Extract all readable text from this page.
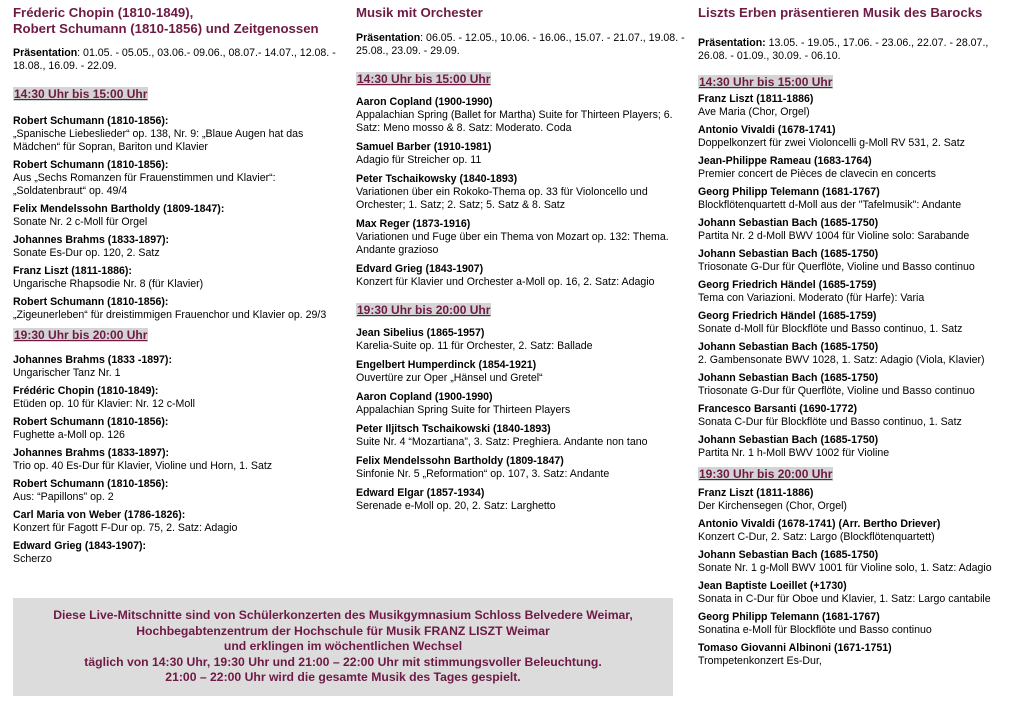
Fréderic Chopin (1810-1849),
Robert Schumann (1810-1856) und Zeitgenossen
Präsentation: 01.05. - 05.05., 03.06.- 09.06., 08.07.- 14.07., 12.08. - 18.08., 16.09. - 22.09.
14:30 Uhr bis 15:00 Uhr
Robert Schumann (1810-1856):
„Spanische Liebeslieder“ op. 138, Nr. 9: „Blaue Augen hat das Mädchen“ für Sopran, Bariton und Klavier
Robert Schumann (1810-1856):
Aus „Sechs Romanzen für Frauenstimmen und Klavier“: „Soldatenbraut“ op. 49/4
Felix Mendelssohn Bartholdy (1809-1847):
Sonate Nr. 2 c-Moll für Orgel
Johannes Brahms (1833-1897):
Sonate Es-Dur op. 120, 2. Satz
Franz Liszt (1811-1886):
Ungarische Rhapsodie Nr. 8 (für Klavier)
Robert Schumann (1810-1856):
„Zigeunerleben“ für dreistimmigen Frauenchor und Klavier op. 29/3
19:30 Uhr bis 20:00 Uhr
Johannes Brahms (1833 -1897):
Ungarischer Tanz Nr. 1
Frédéric Chopin (1810-1849):
Etüden op. 10 für Klavier: Nr. 12 c-Moll
Robert Schumann (1810-1856):
Fughette a-Moll op. 126
Johannes Brahms (1833-1897):
Trio op. 40 Es-Dur für Klavier, Violine und Horn, 1. Satz
Robert Schumann (1810-1856):
Aus: “Papillons” op. 2
Carl Maria von Weber (1786-1826):
Konzert für Fagott F-Dur op. 75, 2. Satz: Adagio
Edward Grieg (1843-1907):
Scherzo
Musik mit Orchester
Präsentation: 06.05. - 12.05., 10.06. - 16.06., 15.07. - 21.07., 19.08. - 25.08., 23.09. - 29.09.
14:30 Uhr bis 15:00 Uhr
Aaron Copland (1900-1990)
Appalachian Spring (Ballet for Martha) Suite for Thirteen Players; 6. Satz: Meno mosso & 8. Satz: Moderato. Coda
Samuel Barber (1910-1981)
Adagio für Streicher op. 11
Peter Tschaikowsky (1840-1893)
Variationen über ein Rokoko-Thema op. 33 für Violoncello und Orchester; 1. Satz; 2. Satz; 5. Satz & 8. Satz
Max Reger (1873-1916)
Variationen und Fuge über ein Thema von Mozart op. 132: Thema. Andante grazioso
Edvard Grieg (1843-1907)
Konzert für Klavier und Orchester a-Moll op. 16, 2. Satz: Adagio
19:30 Uhr bis 20:00 Uhr
Jean Sibelius (1865-1957)
Karelia-Suite op. 11 für Orchester, 2. Satz: Ballade
Engelbert Humperdinck (1854-1921)
Ouvertüre zur Oper „Hänsel und Gretel“
Aaron Copland (1900-1990)
Appalachian Spring Suite for Thirteen Players
Peter Iljitsch Tschaikowski (1840-1893)
Suite Nr. 4 “Mozartiana”, 3. Satz: Preghiera. Andante non tano
Felix Mendelssohn Bartholdy (1809-1847)
Sinfonie Nr. 5 „Reformation“ op. 107, 3. Satz: Andante
Edward Elgar (1857-1934)
Serenade e-Moll op. 20, 2. Satz: Larghetto
Liszts Erben präsentieren Musik des Barocks
Präsentation: 13.05. - 19.05., 17.06. - 23.06., 22.07. - 28.07., 26.08. - 01.09., 30.09. - 06.10.
14:30 Uhr bis 15:00 Uhr
Franz Liszt (1811-1886)
Ave Maria (Chor, Orgel)
Antonio Vivaldi (1678-1741)
Doppelkonzert für zwei Violoncelli g-Moll RV 531, 2. Satz
Jean-Philippe Rameau (1683-1764)
Premier concert de Pièces de clavecin en concerts
Georg Philipp Telemann (1681-1767)
Blockflötenquartett d-Moll aus der "Tafelmusik": Andante
Johann Sebastian Bach (1685-1750)
Partita Nr. 2 d-Moll BWV 1004 für Violine solo: Sarabande
Johann Sebastian Bach (1685-1750)
Triosonate G-Dur für Querflöte, Violine und Basso continuo
Georg Friedrich Händel (1685-1759)
Tema con Variazioni. Moderato (für Harfe): Varia
Georg Friedrich Händel (1685-1759)
Sonate d-Moll für Blockflöte und Basso continuo, 1. Satz
Johann Sebastian Bach (1685-1750)
2. Gambensonate BWV 1028, 1. Satz: Adagio (Viola, Klavier)
Johann Sebastian Bach (1685-1750)
Triosonate G-Dur für Querflöte, Violine und Basso continuo
Francesco Barsanti (1690-1772)
Sonata C-Dur für Blockflöte und Basso continuo, 1. Satz
Johann Sebastian Bach (1685-1750)
Partita Nr. 1 h-Moll BWV 1002 für Violine
19:30 Uhr bis 20:00 Uhr
Franz Liszt (1811-1886)
Der Kirchensegen (Chor, Orgel)
Antonio Vivaldi (1678-1741) (Arr. Bertho Driever)
Konzert C-Dur, 2. Satz: Largo (Blockflötenquartett)
Johann Sebastian Bach (1685-1750)
Sonate Nr. 1 g-Moll BWV 1001 für Violine solo, 1. Satz: Adagio
Jean Baptiste Loeillet (+1730)
Sonata in C-Dur für Oboe und Klavier, 1. Satz: Largo cantabile
Georg Philipp Telemann (1681-1767)
Sonatina e-Moll für Blockflöte und Basso continuo
Tomaso Giovanni Albinoni (1671-1751)
Trompetenkonzert Es-Dur,
Diese Live-Mitschnitte sind von Schülerkonzerten des Musikgymnasium Schloss Belvedere Weimar,
Hochbegabtenzentrum der Hochschule für Musik FRANZ LISZT Weimar
und erklingen im wöchentlichen Wechsel
täglich von 14:30 Uhr, 19:30 Uhr und 21:00 – 22:00 Uhr mit stimmungsvoller Beleuchtung.
21:00 – 22:00 Uhr wird die gesamte Musik des Tages gespielt.
